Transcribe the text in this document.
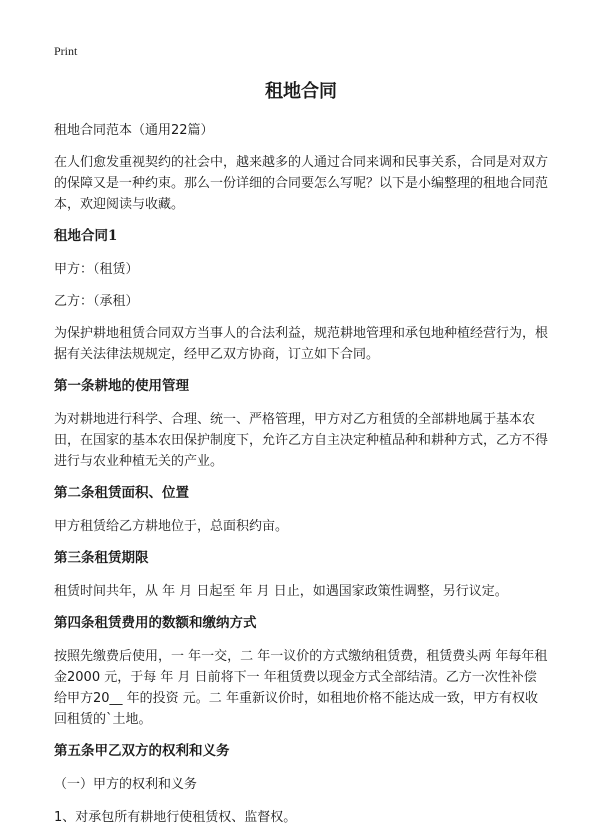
Print
租地合同
租地合同范本（通用22篇）
在人们愈发重视契约的社会中，越来越多的人通过合同来调和民事关系，合同是对双方的保障又是一种约束。那么一份详细的合同要怎么写呢？以下是小编整理的租地合同范本，欢迎阅读与收藏。
租地合同1
甲方：（租赁）
乙方：（承租）
为保护耕地租赁合同双方当事人的合法利益，规范耕地管理和承包地种植经营行为，根据有关法律法规规定，经甲乙双方协商，订立如下合同。
第一条耕地的使用管理
为对耕地进行科学、合理、统一、严格管理，甲方对乙方租赁的全部耕地属于基本农田，在国家的基本农田保护制度下，允许乙方自主决定种植品种和耕种方式，乙方不得进行与农业种植无关的产业。
第二条租赁面积、位置
甲方租赁给乙方耕地位于，总面积约亩。
第三条租赁期限
租赁时间共年，从 年 月 日起至 年 月 日止，如遇国家政策性调整，另行议定。
第四条租赁费用的数额和缴纳方式
按照先缴费后使用，一 年一交，二 年一议价的方式缴纳租赁费，租赁费头两 年每年租金2000 元，于每 年 月 日前将下一 年租赁费以现金方式全部结清。乙方一次性补偿给甲方20__ 年的投资 元。二 年重新议价时，如租地价格不能达成一致，甲方有权收回租赁的`土地。
第五条甲乙双方的权利和义务
（一）甲方的权利和义务
1、对承包所有耕地行使租赁权、监督权。
